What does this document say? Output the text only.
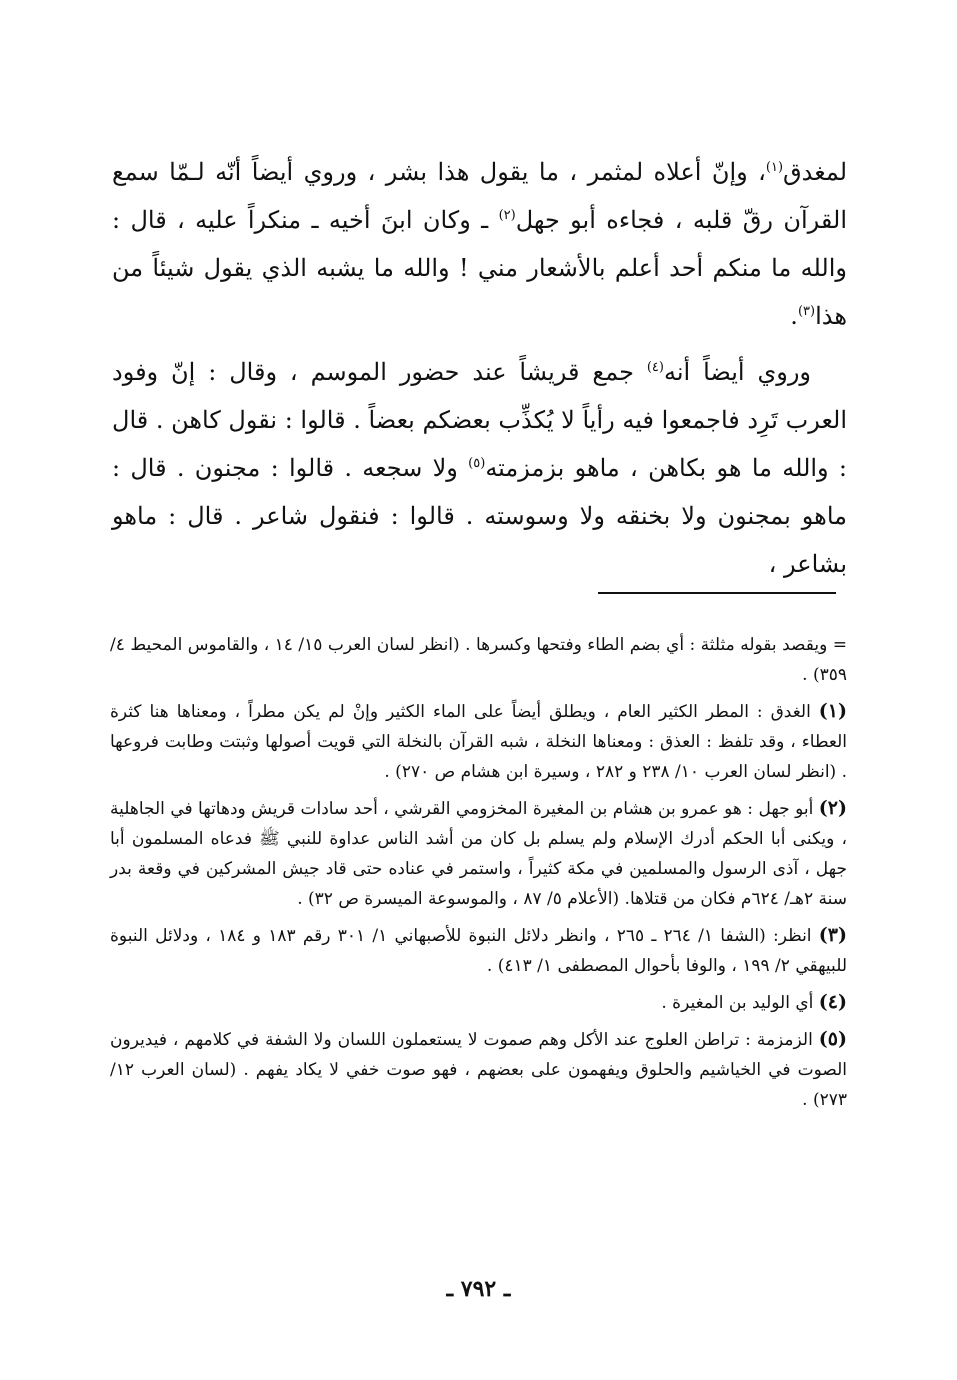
لمغدق$^{(١)}$، وإنّ أعلاه لمثمر ، ما يقول هذا بشر ، وروي أيضاً أنّه لـمّا سمع القرآن رقّ قلبه ، فجاءه أبو جهل$^{(٢)}$ ـ وكان ابنَ أخيه ـ منكراً عليه ، قال : والله ما منكم أحد أعلم بالأشعار مني ! والله ما يشبه الذي يقول شيئاً من هذا$^{(٣)}$.

وروي أيضاً أنه$^{(٤)}$ جمع قريشاً عند حضور الموسم ، وقال : إنّ وفود العرب تَرِد فاجمعوا فيه رأياً لا يُكذِّب بعضكم بعضاً . قالوا : نقول كاهن . قال : والله ما هو بكاهن ، ماهو بزمزمته$^{(٥)}$ ولا سجعه . قالوا : مجنون . قال : ماهو بمجنون ولا بخنقه ولا وسوسته . قالوا : فنقول شاعر . قال : ماهو بشاعر ،

= ويقصد بقوله مثلثة : أي بضم الطاء وفتحها وكسرها . (انظر لسان العرب ١٥/ ١٤ ، والقاموس المحيط ٤/ ٣٥٩) .

(١) الغدق : المطر الكثير العام ، ويطلق أيضاً على الماء الكثير وإنْ لم يكن مطراً ، ومعناها هنا كثرة العطاء ، وقد تلفظ : العذق : ومعناها النخلة ، شبه القرآن بالنخلة التي قويت أصولها وثبتت وطابت فروعها . (انظر لسان العرب ١٠/ ٢٣٨ و ٢٨٢ ، وسيرة ابن هشام ص ٢٧٠) .

(٢) أبو جهل : هو عمرو بن هشام بن المغيرة المخزومي القرشي ، أحد سادات قريش ودهاتها في الجاهلية ، ويكنى أبا الحكم أدرك الإسلام ولم يسلم بل كان من أشد الناس عداوة للنبي ﷺ فدعاه المسلمون أبا جهل ، آذى الرسول والمسلمين في مكة كثيراً ، واستمر في عناده حتى قاد جيش المشركين في وقعة بدر سنة ٢هـ/ ٦٢٤م فكان من قتلاها. (الأعلام ٥/ ٨٧ ، والموسوعة الميسرة ص ٣٢) .

(٣) انظر: (الشفا ١/ ٢٦٤ ـ ٢٦٥ ، وانظر دلائل النبوة للأصبهاني ١/ ٣٠١ رقم ١٨٣ و ١٨٤ ، ودلائل النبوة للبيهقي ٢/ ١٩٩ ، والوفا بأحوال المصطفى ١/ ٤١٣) .

(٤) أي الوليد بن المغيرة .

(٥) الزمزمة : تراطن العلوج عند الأكل وهم صموت لا يستعملون اللسان ولا الشفة في كلامهم ، فيديرون الصوت في الخياشيم والحلوق ويفهمون على بعضهم ، فهو صوت خفي لا يكاد يفهم . (لسان العرب ١٢/ ٢٧٣) .

ـ ٧٩٢ ـ
